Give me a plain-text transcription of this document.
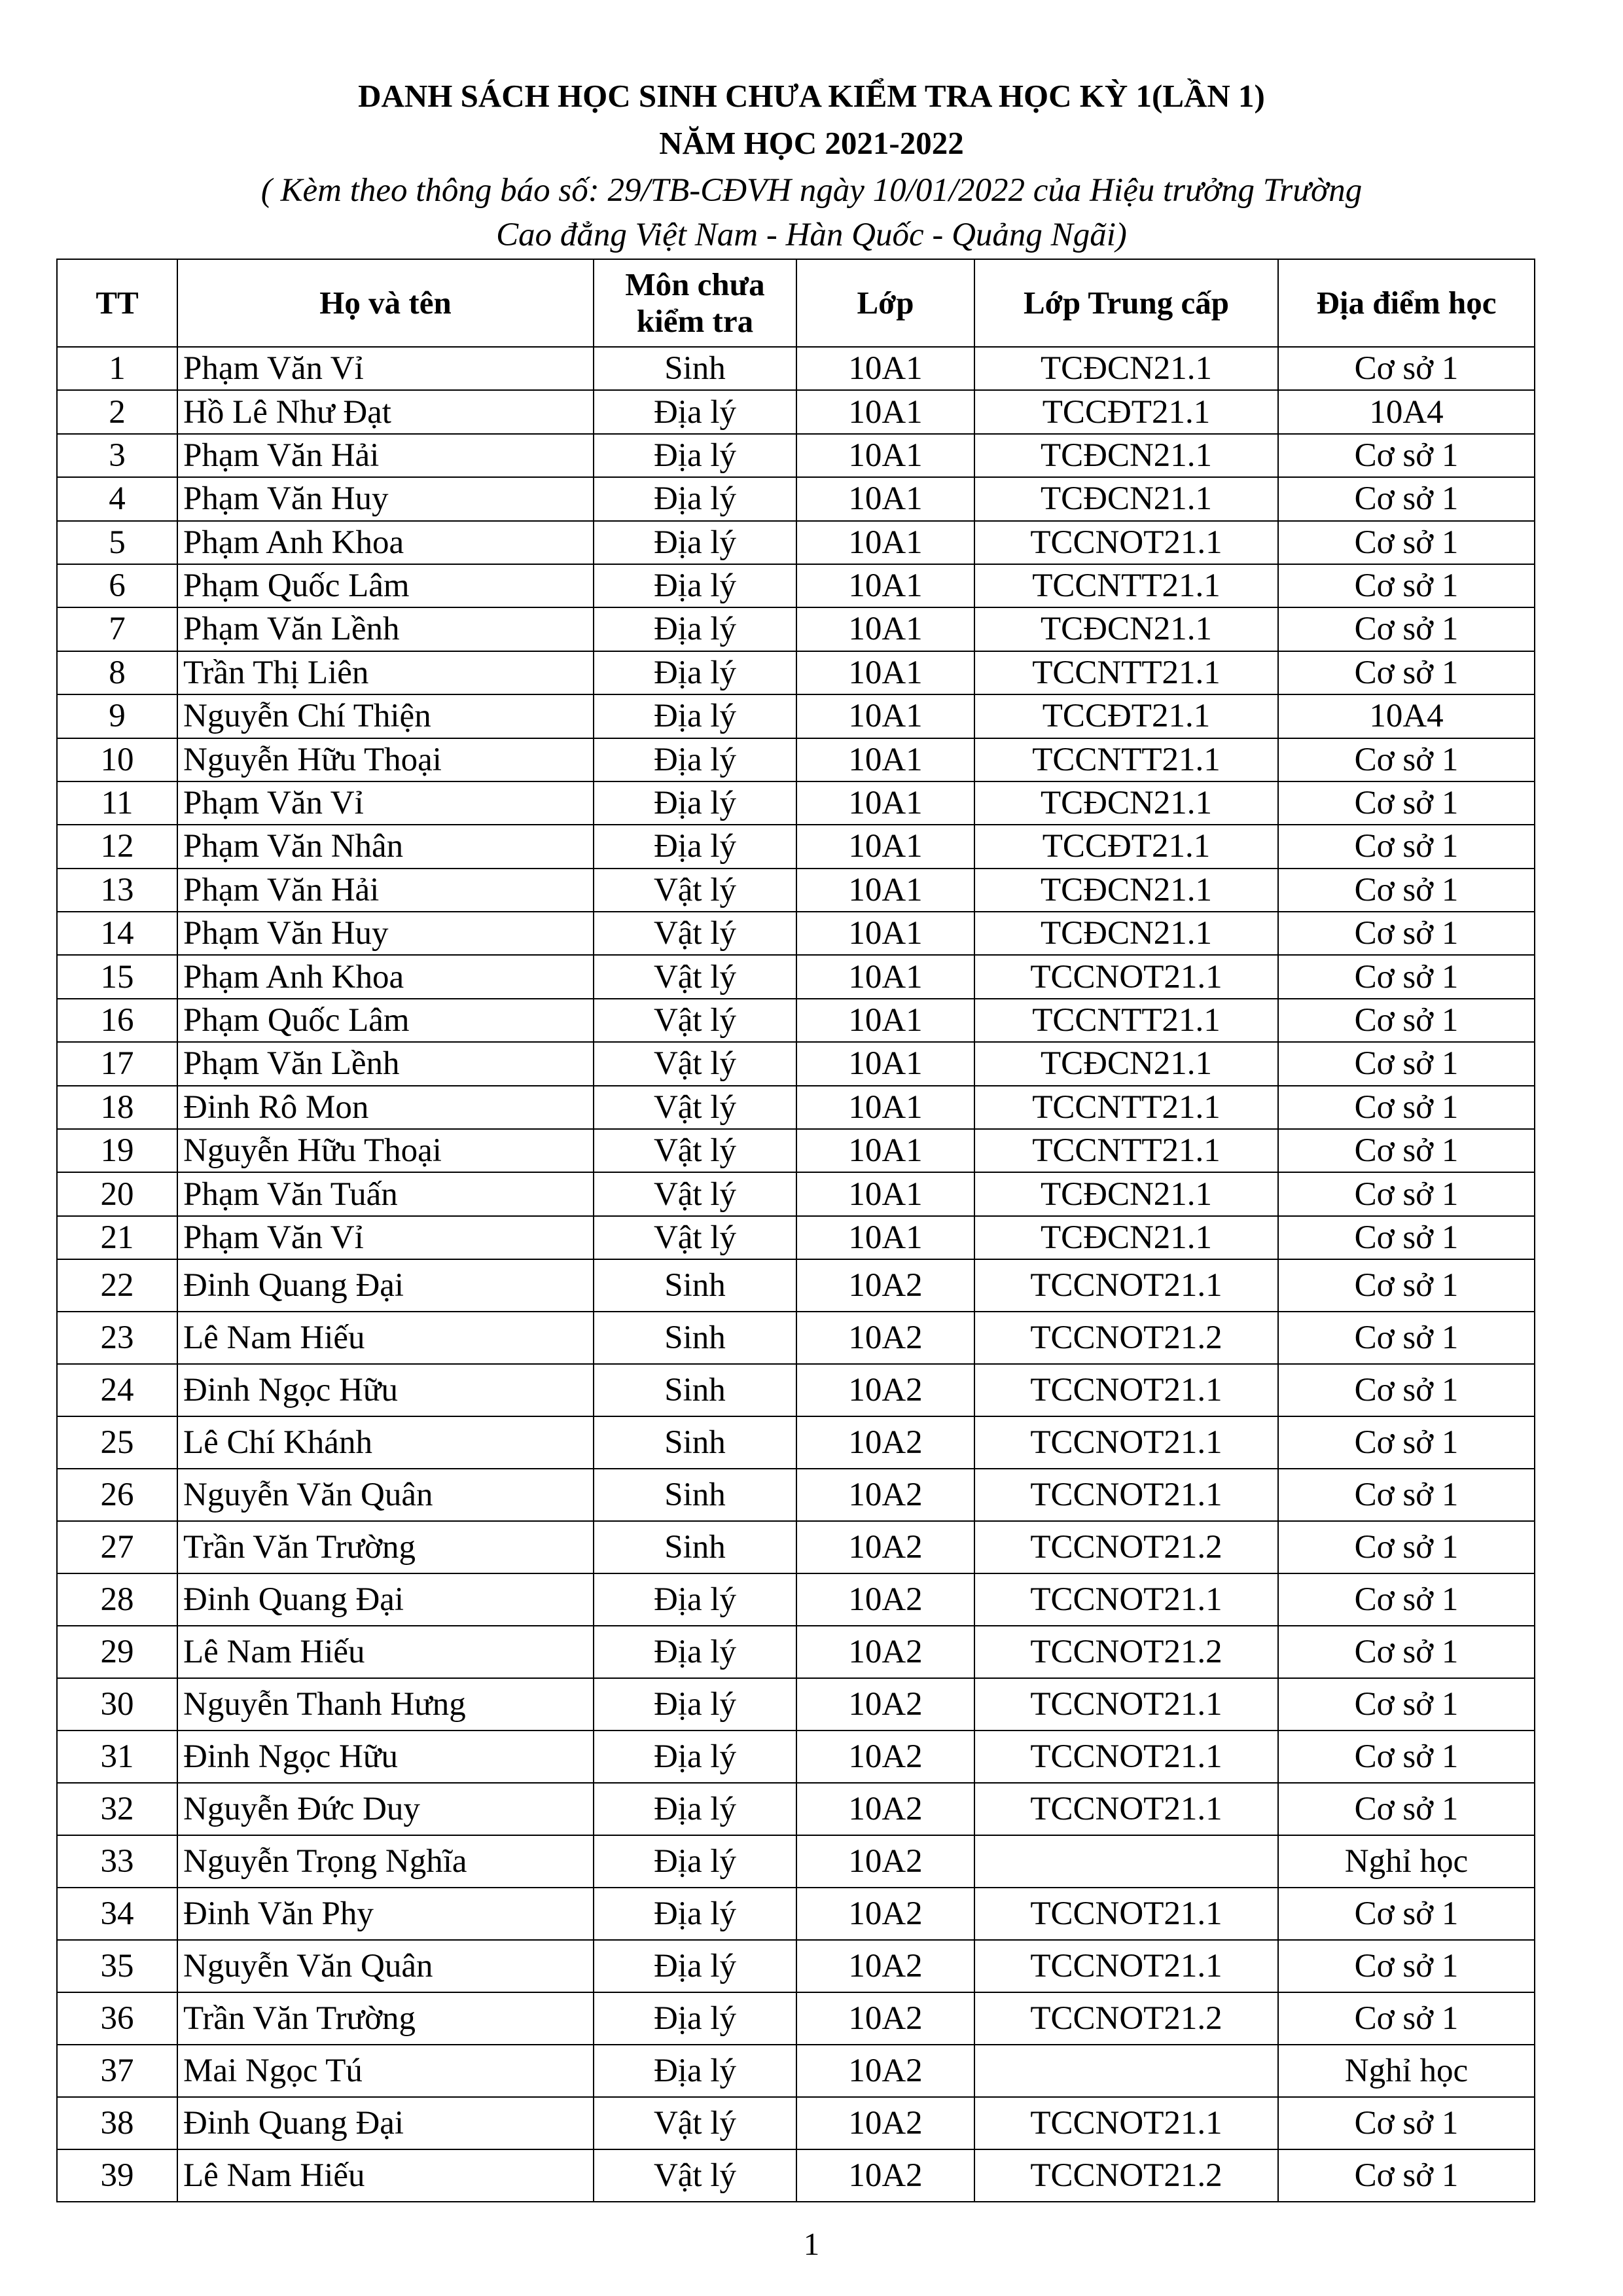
DANH SÁCH HỌC SINH CHƯA KIỂM TRA HỌC KỲ 1(LẦN 1)
NĂM HỌC 2021-2022
( Kèm theo thông báo số: 29/TB-CĐVH ngày 10/01/2022 của Hiệu trưởng Trường
Cao đẳng Việt Nam - Hàn Quốc - Quảng Ngãi)
TT	Họ và tên	Môn chưa kiểm tra	Lớp	Lớp Trung cấp	Địa điểm học
1	Phạm Văn Vỉ	Sinh	10A1	TCĐCN21.1	Cơ sở 1
2	Hồ Lê Như Đạt	Địa lý	10A1	TCCĐT21.1	10A4
3	Phạm Văn Hải	Địa lý	10A1	TCĐCN21.1	Cơ sở 1
4	Phạm Văn Huy	Địa lý	10A1	TCĐCN21.1	Cơ sở 1
5	Phạm Anh Khoa	Địa lý	10A1	TCCNOT21.1	Cơ sở 1
6	Phạm Quốc Lâm	Địa lý	10A1	TCCNTT21.1	Cơ sở 1
7	Phạm Văn Lềnh	Địa lý	10A1	TCĐCN21.1	Cơ sở 1
8	Trần Thị Liên	Địa lý	10A1	TCCNTT21.1	Cơ sở 1
9	Nguyễn Chí Thiện	Địa lý	10A1	TCCĐT21.1	10A4
10	Nguyễn Hữu Thoại	Địa lý	10A1	TCCNTT21.1	Cơ sở 1
11	Phạm Văn Vỉ	Địa lý	10A1	TCĐCN21.1	Cơ sở 1
12	Phạm Văn Nhân	Địa lý	10A1	TCCĐT21.1	Cơ sở 1
13	Phạm Văn Hải	Vật lý	10A1	TCĐCN21.1	Cơ sở 1
14	Phạm Văn Huy	Vật lý	10A1	TCĐCN21.1	Cơ sở 1
15	Phạm Anh Khoa	Vật lý	10A1	TCCNOT21.1	Cơ sở 1
16	Phạm Quốc Lâm	Vật lý	10A1	TCCNTT21.1	Cơ sở 1
17	Phạm Văn Lềnh	Vật lý	10A1	TCĐCN21.1	Cơ sở 1
18	Đinh Rô Mon	Vật lý	10A1	TCCNTT21.1	Cơ sở 1
19	Nguyễn Hữu Thoại	Vật lý	10A1	TCCNTT21.1	Cơ sở 1
20	Phạm Văn Tuấn	Vật lý	10A1	TCĐCN21.1	Cơ sở 1
21	Phạm Văn Vỉ	Vật lý	10A1	TCĐCN21.1	Cơ sở 1
22	Đinh Quang Đại	Sinh	10A2	TCCNOT21.1	Cơ sở 1
23	Lê Nam Hiếu	Sinh	10A2	TCCNOT21.2	Cơ sở 1
24	Đinh Ngọc Hữu	Sinh	10A2	TCCNOT21.1	Cơ sở 1
25	Lê Chí Khánh	Sinh	10A2	TCCNOT21.1	Cơ sở 1
26	Nguyễn Văn Quân	Sinh	10A2	TCCNOT21.1	Cơ sở 1
27	Trần Văn Trường	Sinh	10A2	TCCNOT21.2	Cơ sở 1
28	Đinh Quang Đại	Địa lý	10A2	TCCNOT21.1	Cơ sở 1
29	Lê Nam Hiếu	Địa lý	10A2	TCCNOT21.2	Cơ sở 1
30	Nguyễn Thanh Hưng	Địa lý	10A2	TCCNOT21.1	Cơ sở 1
31	Đinh Ngọc Hữu	Địa lý	10A2	TCCNOT21.1	Cơ sở 1
32	Nguyễn Đức Duy	Địa lý	10A2	TCCNOT21.1	Cơ sở 1
33	Nguyễn Trọng Nghĩa	Địa lý	10A2		Nghỉ học
34	Đinh Văn Phy	Địa lý	10A2	TCCNOT21.1	Cơ sở 1
35	Nguyễn Văn Quân	Địa lý	10A2	TCCNOT21.1	Cơ sở 1
36	Trần Văn Trường	Địa lý	10A2	TCCNOT21.2	Cơ sở 1
37	Mai Ngọc Tú	Địa lý	10A2		Nghỉ học
38	Đinh Quang Đại	Vật lý	10A2	TCCNOT21.1	Cơ sở 1
39	Lê Nam Hiếu	Vật lý	10A2	TCCNOT21.2	Cơ sở 1
1
